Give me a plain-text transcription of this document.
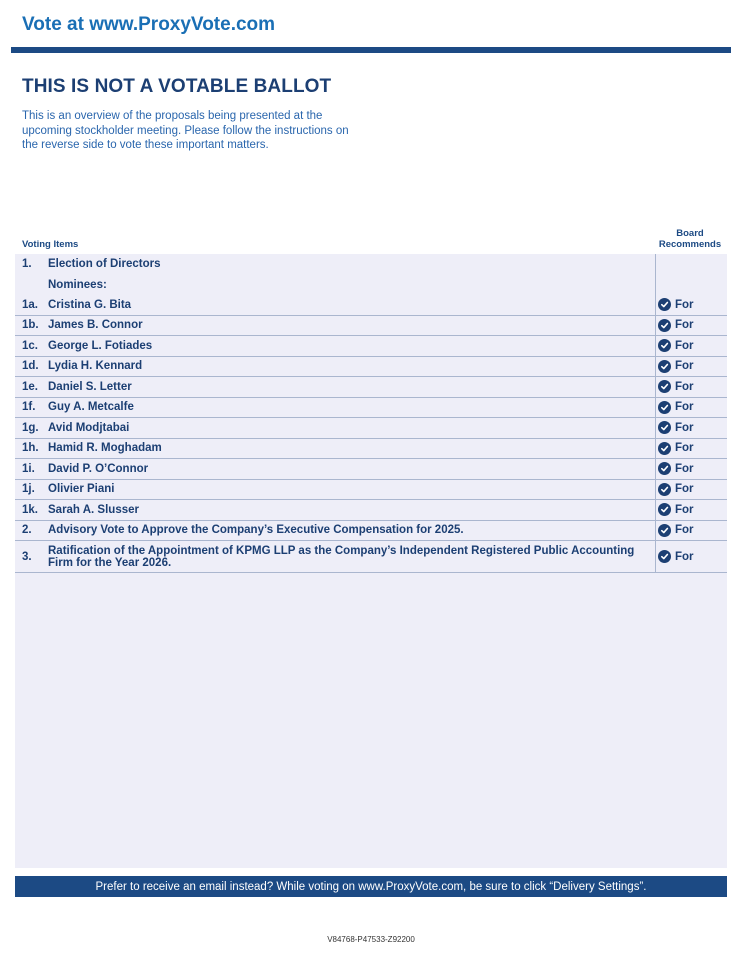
Vote at www.ProxyVote.com
THIS IS NOT A VOTABLE BALLOT
This is an overview of the proposals being presented at the upcoming stockholder meeting. Please follow the instructions on the reverse side to vote these important matters.
Voting Items
Board
Recommends
1.	Election of Directors
Nominees:
1a. Cristina G. Bita	For
1b. James B. Connor	For
1c. George L. Fotiades	For
1d. Lydia H. Kennard	For
1e. Daniel S. Letter	For
1f.	Guy A. Metcalfe	For
1g. Avid Modjtabai	For
1h. Hamid R. Moghadam	For
1i.	David P. O’Connor	For
1j.	Olivier Piani	For
1k. Sarah A. Slusser	For
2.	Advisory Vote to Approve the Company’s Executive Compensation for 2025.	For
3.	Ratification of the Appointment of KPMG LLP as the Company’s Independent Registered Public Accounting Firm for the Year 2026.	For
Prefer to receive an email instead? While voting on www.ProxyVote.com, be sure to click “Delivery Settings”.
V84768-P47533-Z92200
